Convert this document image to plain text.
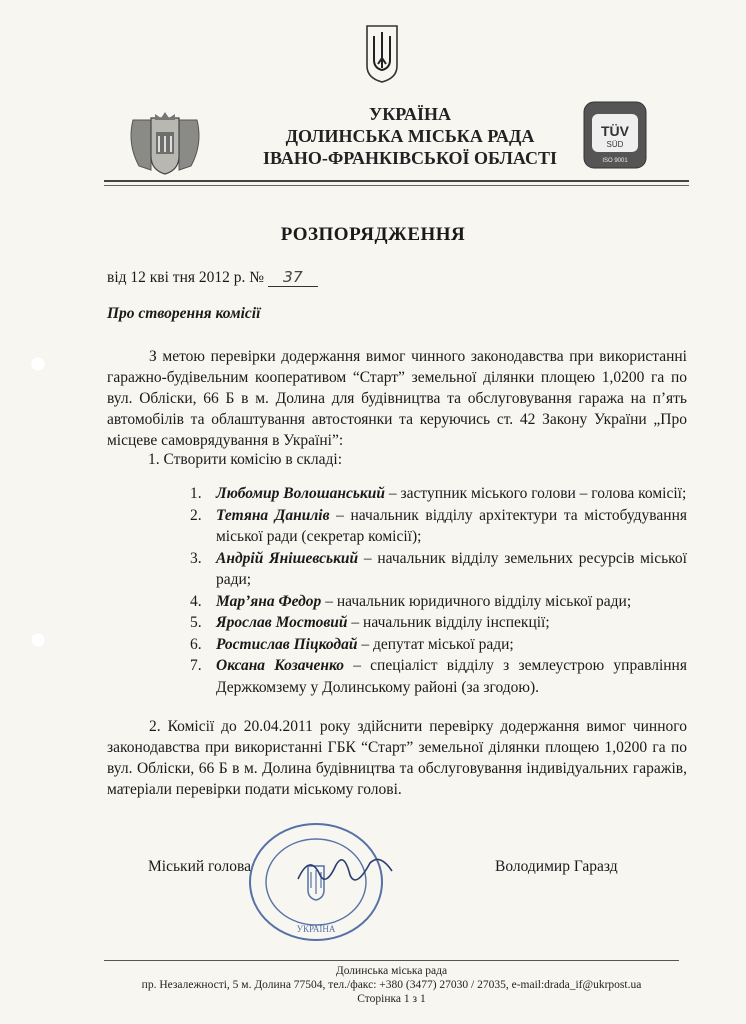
УКРАЇНА
ДОЛИНСЬКА МІСЬКА РАДА
ІВАНО-ФРАНКІВСЬКОЇ ОБЛАСТІ
TÜV
SÜD
ISO 9001
РОЗПОРЯДЖЕННЯ
від 12 кві тня 2012 р. № 37
Про створення комісії
З метою перевірки додержання вимог чинного законодавства при використанні гаражно-будівельним кооперативом “Старт” земельної ділянки площею 1,0200 га по вул. Обліски, 66 Б в м. Долина для будівництва та обслуговування гаража на п’ять автомобілів та облаштування автостоянки та керуючись ст. 42 Закону України „Про місцеве самоврядування в Україні”:
1. Створити комісію в складі:
1. Любомир Волошанський – заступник міського голови – голова комісії;
2. Тетяна Данилів – начальник відділу архітектури та містобудування міської ради (секретар комісії);
3. Андрій Янішевський – начальник відділу земельних ресурсів міської ради;
4. Мар’яна Федор – начальник юридичного відділу міської ради;
5. Ярослав Мостовий – начальник відділу інспекції;
6. Ростислав Піцкодай – депутат міської ради;
7. Оксана Козаченко – спеціаліст відділу з землеустрою управління Держкомзему у Долинському районі (за згодою).
2. Комісії до 20.04.2011 року здійснити перевірку додержання вимог чинного законодавства при використанні ГБК “Старт” земельної ділянки площею 1,0200 га по вул. Обліски, 66 Б в м. Долина будівництва та обслуговування індивідуальних гаражів, матеріали перевірки подати міському голові.
УКРАЇНА
Міський голова	Володимир Гаразд
Долинська міська рада
пр. Незалежності, 5 м. Долина 77504, тел./факс: +380 (3477) 27030 / 27035, e-mail:drada_if@ukrpost.ua
Сторінка 1 з 1
